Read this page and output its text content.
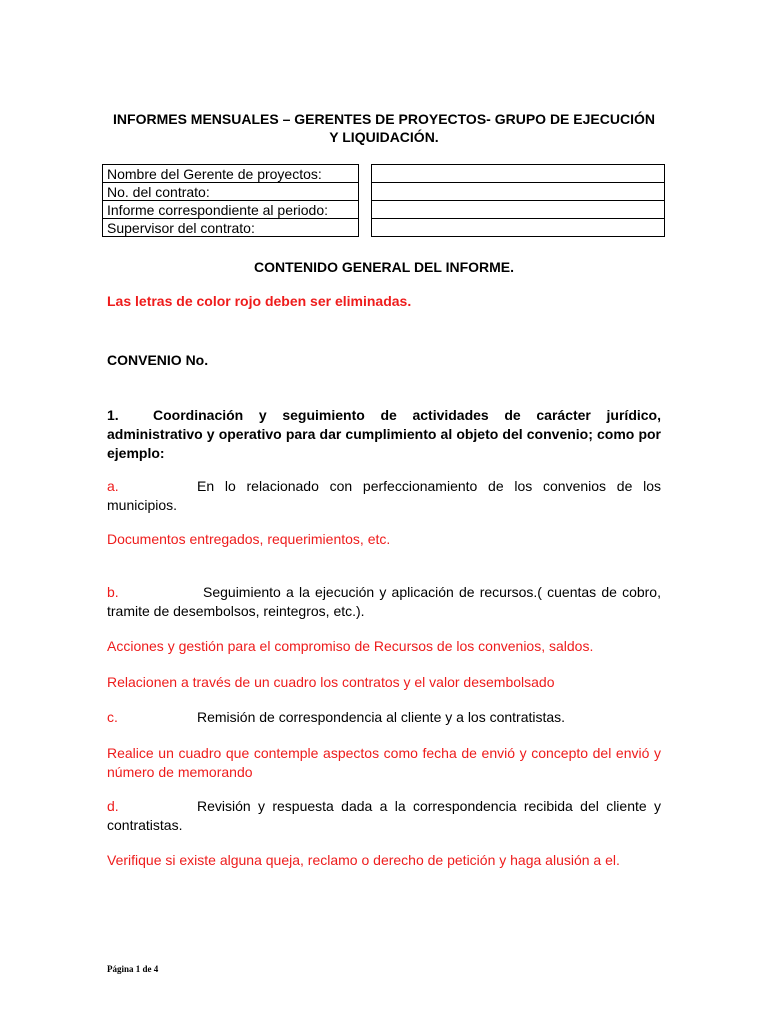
INFORMES MENSUALES – GERENTES DE PROYECTOS- GRUPO DE EJECUCIÓN Y LIQUIDACIÓN.
Nombre del Gerente de proyectos:
No. del contrato:
Informe correspondiente al periodo:
Supervisor del contrato:

CONTENIDO GENERAL DEL INFORME.
Las letras de color rojo deben ser eliminadas.
CONVENIO No.
1. Coordinación y seguimiento de actividades de carácter jurídico, administrativo y operativo para dar cumplimiento al objeto del convenio; como por ejemplo:
a.	En lo relacionado con perfeccionamiento de los convenios de los municipios.
Documentos entregados, requerimientos, etc.
b.	Seguimiento a la ejecución y aplicación de recursos.( cuentas de cobro, tramite de desembolsos, reintegros, etc.).
Acciones y gestión para el compromiso de Recursos de los convenios, saldos.
Relacionen a través de un cuadro los contratos y el valor desembolsado
c.	Remisión de correspondencia al cliente y a los contratistas.
Realice un cuadro que contemple aspectos como fecha de envió y concepto del envió y número de memorando
d.	Revisión y respuesta dada a la correspondencia recibida del cliente y contratistas.
Verifique si existe alguna queja, reclamo o derecho de petición y haga alusión a el.
Página 1 de 4
